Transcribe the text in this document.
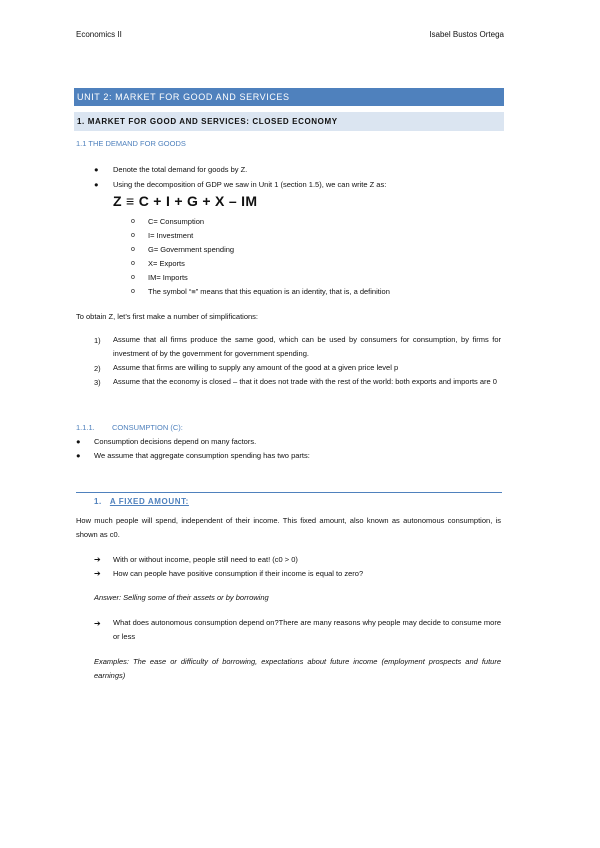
Economics II	Isabel Bustos Ortega
UNIT 2: MARKET FOR GOOD AND SERVICES
1. MARKET FOR GOOD AND SERVICES: CLOSED ECONOMY
1.1 THE DEMAND FOR GOODS
● Denote the total demand for goods by Z.
● Using the decomposition of GDP we saw in Unit 1 (section 1.5), we can write Z as:
Z ≡ C + I + G + X – IM
o C= Consumption
o I= Investment
o G= Government spending
o X= Exports
o IM= Imports
o The symbol “≡” means that this equation is an identity, that is, a definition
To obtain Z, let’s first make a number of simplifications:
1) Assume that all firms produce the same good, which can be used by consumers for consumption, by firms for investment of by the government for government spending.
2) Assume that firms are willing to supply any amount of the good at a given price level p
3) Assume that the economy is closed – that it does not trade with the rest of the world: both exports and imports are 0
1.1.1. CONSUMPTION (C):
● Consumption decisions depend on many factors.
● We assume that aggregate consumption spending has two parts:
1. A FIXED AMOUNT:
How much people will spend, independent of their income. This fixed amount, also known as autonomous consumption, is shown as c0.
➔ With or without income, people still need to eat! (c0 > 0)
➔ How can people have positive consumption if their income is equal to zero?
Answer: Selling some of their assets or by borrowing
➔ What does autonomous consumption depend on?There are many reasons why people may decide to consume more or less
Examples: The ease or difficulty of borrowing, expectations about future income (employment prospects and future earnings)
